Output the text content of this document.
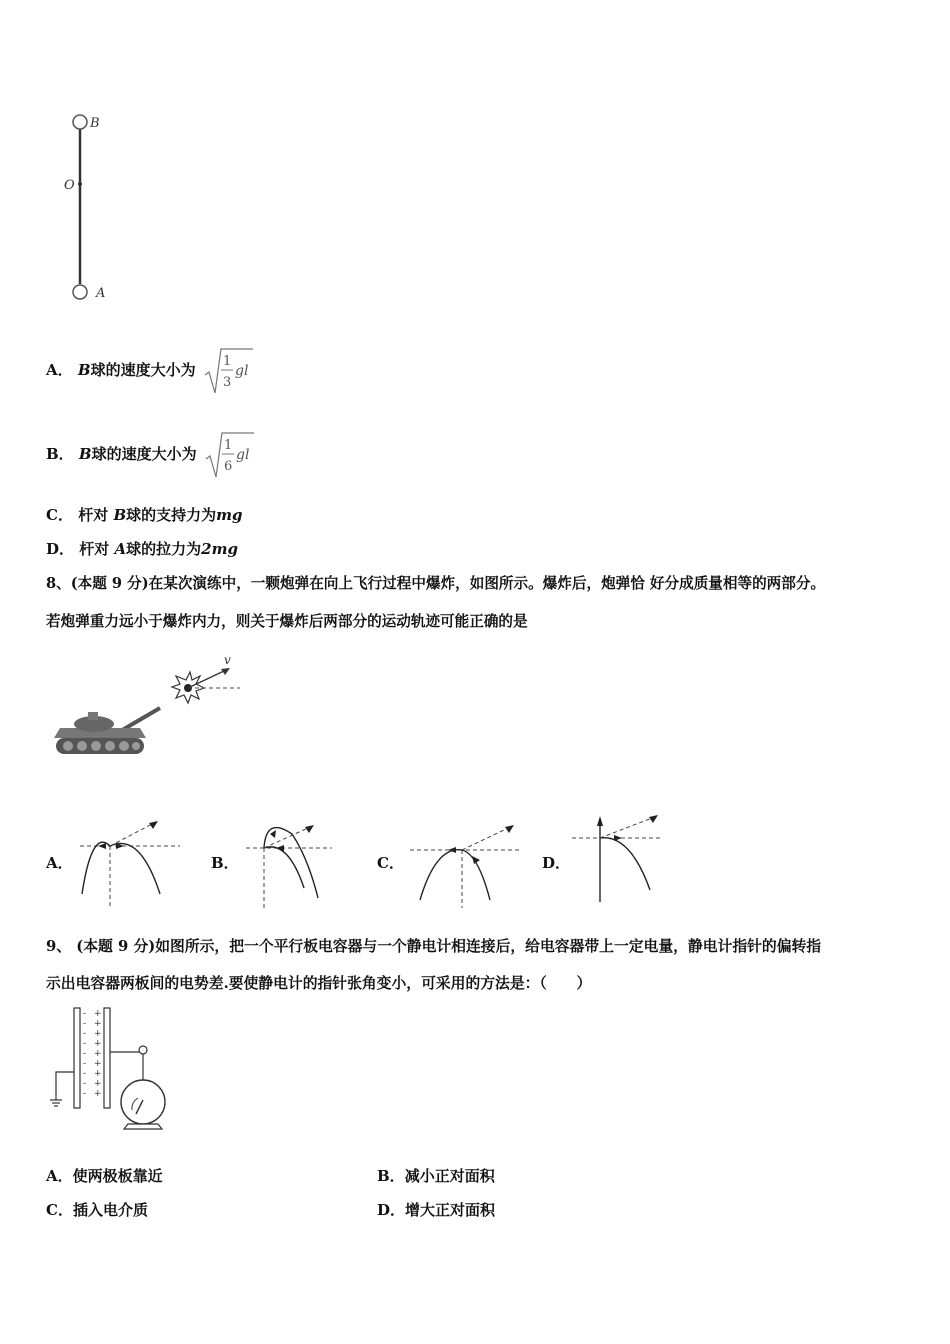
B
O
A
A． B球的速度大小为 1
3
gl
B． B球的速度大小为 1
6
gl
C． 杆对 B球的支持力为mg
D． 杆对 A球的拉力为2mg
8、(本题 9 分)在某次演练中，一颗炮弹在向上飞行过程中爆炸，如图所示。爆炸后，炮弹恰 好分成质量相等的两部分。
若炮弹重力远小于爆炸内力，则关于爆炸后两部分的运动轨迹可能正确的是
v
A．	B．	C．	D．
9、 (本题 9 分)如图所示，把一个平行板电容器与一个静电计相连接后，给电容器带上一定电量，静电计指针的偏转指
示出电容器两板间的电势差.要使静电计的指针张角变小，可采用的方法是：（　　）
- +
- +
- +
- +
- +
- +
- +
- +
- +
A．使两极板靠近	B．减小正对面积
C．插入电介质	D．增大正对面积
